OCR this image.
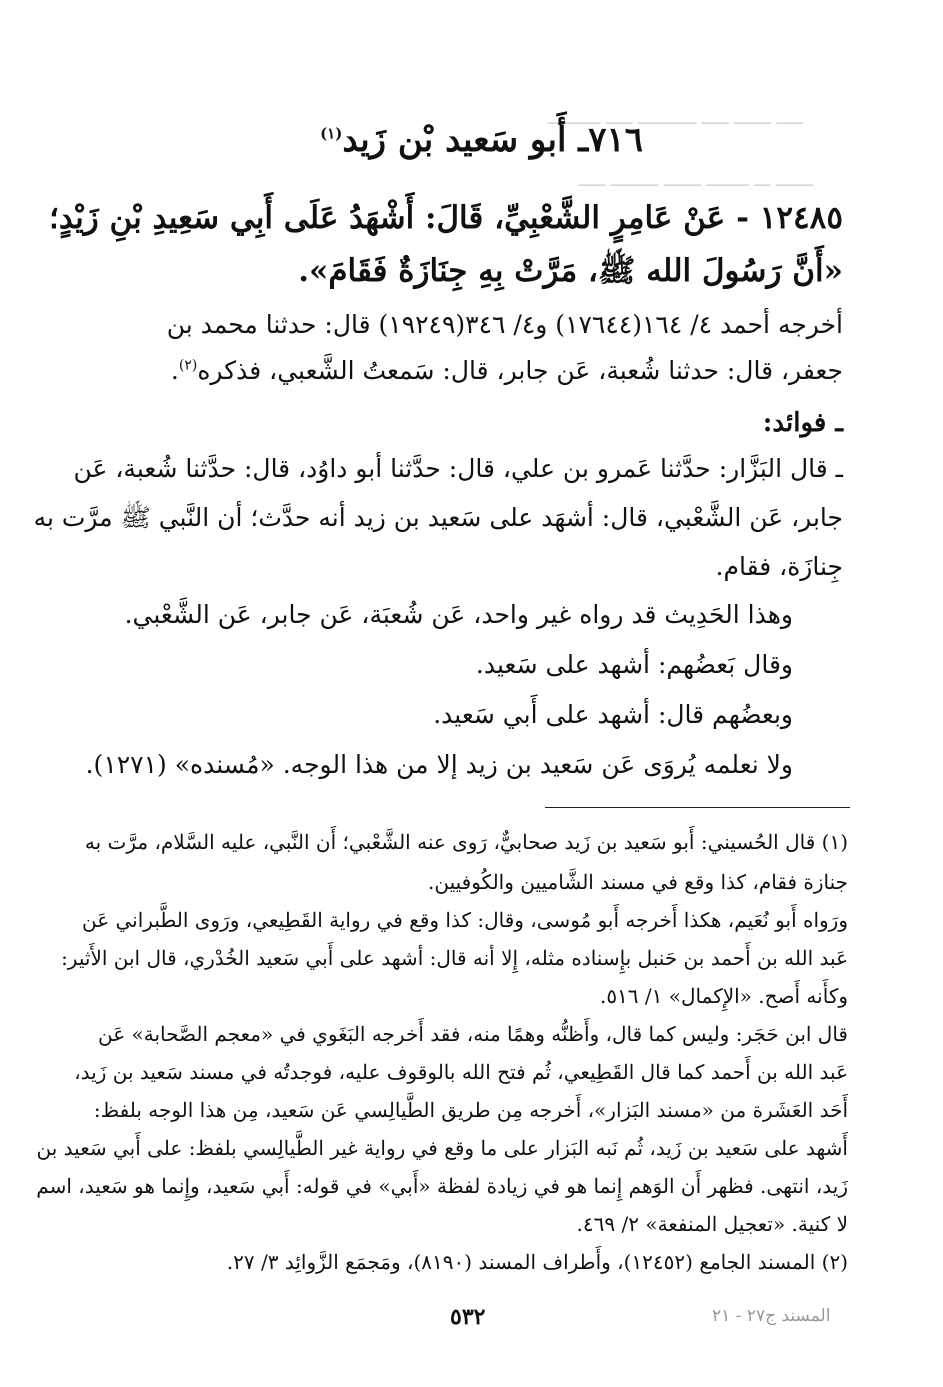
ـــــ ـــــــ ـــــ ـــــــــــ ـــــ ــــــــــ
ـــــــ ـــ ــــــــ ـــــــ ـــــــــ ـــــ
٧١٦ـ أَبو سَعيد بْن زَيد$^{(١)}$
١٢٤٨٥ - عَنْ عَامِرٍ الشَّعْبِيِّ، قَالَ: أَشْهَدُ عَلَى أَبِي سَعِيدِ بْنِ زَيْدٍ؛
«أَنَّ رَسُولَ الله ﷺ، مَرَّتْ بِهِ جِنَازَةٌ فَقَامَ».
أخرجه أحمد ٤/ ١٦٤(١٧٦٤٤) و٤/ ٣٤٦(١٩٢٤٩) قال: حدثنا محمد بن
جعفر، قال: حدثنا شُعبة، عَن جابر، قال: سَمعتُ الشَّعبي، فذكره$^{(٢)}$.
ـ فوائد:
ـ قال البَزَّار: حدَّثنا عَمرو بن علي، قال: حدَّثنا أبو داوُد، قال: حدَّثنا شُعبة، عَن
جابر، عَن الشَّعْبي، قال: أشهَد على سَعيد بن زيد أنه حدَّث؛ أن النَّبي ﷺ مرَّت به
جِنازَة، فقام.
وهذا الحَدِيث قد رواه غير واحد، عَن شُعبَة، عَن جابر، عَن الشَّعْبي.
وقال بَعضُهم: أشهد على سَعيد.
وبعضُهم قال: أشهد على أَبي سَعيد.
ولا نعلمه يُروَى عَن سَعيد بن زيد إلا من هذا الوجه. «مُسنده» (١٢٧١).
(١) قال الحُسيني: أَبو سَعيد بن زَيد صحابيٌّ، رَوى عنه الشَّعْبي؛ أَن النَّبي، عليه السَّلام، مرَّت به
جنازة فقام، كذا وقع في مسند الشَّاميين والكُوفيين.
ورَواه أَبو نُعَيم، هكذا أَخرجه أَبو مُوسى، وقال: كذا وقع في رواية القَطِيعي، ورَوى الطَّبراني عَن
عَبد الله بن أَحمد بن حَنبل بإِسناده مثله، إِلا أنه قال: أشهد على أَبي سَعيد الخُدْري، قال ابن الأَثير:
وكأَنه أَصح. «الإِكمال» ١/ ٥١٦.
قال ابن حَجَر: وليس كما قال، وأَظنُّه وهمًا منه، فقد أَخرجه البَغَوي في «معجم الصَّحابة» عَن
عَبد الله بن أَحمد كما قال القَطِيعي، ثُم فتح الله بالوقوف عليه، فوجدتُه في مسند سَعيد بن زَيد،
أَحَد العَشَرة من «مسند البَزار»، أَخرجه مِن طريق الطَّيالِسي عَن سَعيد، مِن هذا الوجه بلفظ:
أَشهد على سَعيد بن زَيد، ثُم نَبه البَزار على ما وقع في رواية غير الطَّيالِسي بلفظ: على أَبي سَعيد بن
زَيد، انتهى. فظهر أَن الوَهم إِنما هو في زيادة لفظة «أَبي» في قوله: أَبي سَعيد، وإِنما هو سَعيد، اسم
لا كنية. «تعجيل المنفعة» ٢/ ٤٦٩.
(٢) المسند الجامع (١٢٤٥٢)، وأَطراف المسند (٨١٩٠)، ومَجمَع الزَّوائِد ٣/ ٢٧.
٥٣٢	المسند ج٢٧ - ٢١
